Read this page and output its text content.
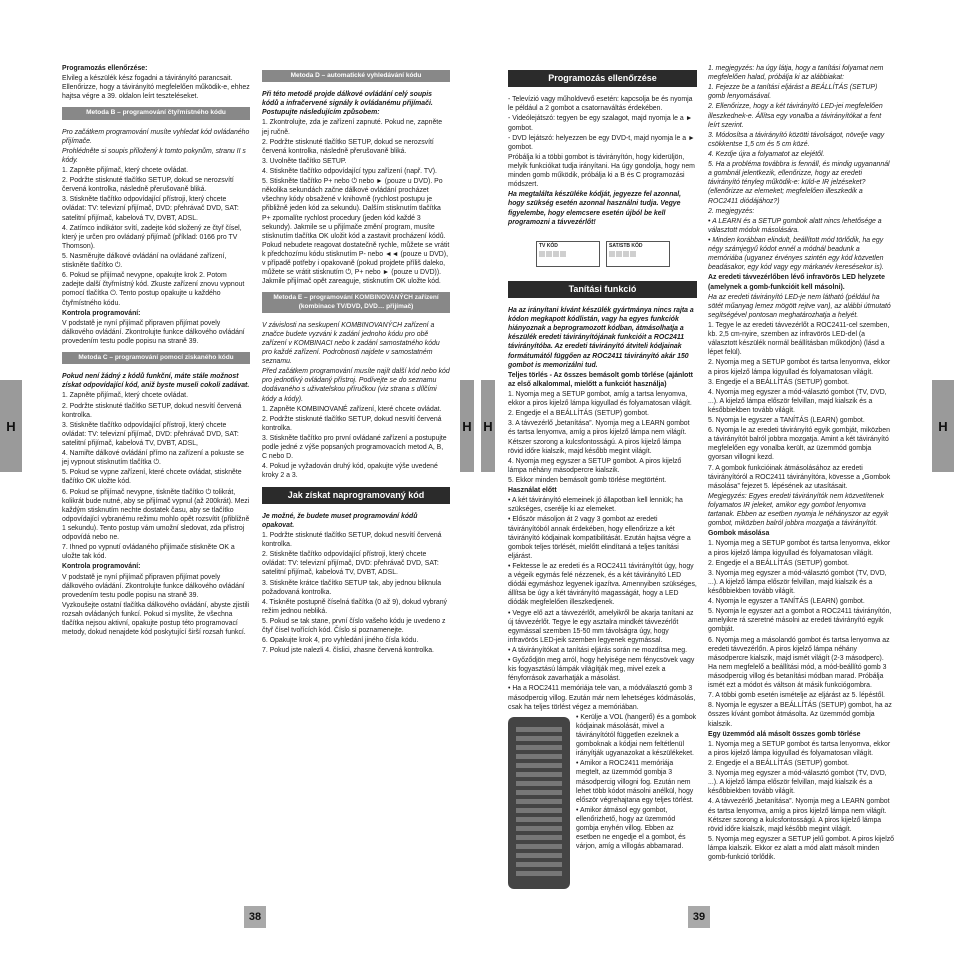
H	H H	H

Programozás ellenőrzése:

Elvileg a készülék kész fogadni a távirányító parancsait. Ellenőrizze, hogy a távirányító megfelelően működik-e, ehhez hajtsa végre a 39. oldalon leírt teszteléseket.

Metoda B – programování čtyřmístného kódu

Pro začátkem programování musíte vyhledat kód ovládaného přijímače.

Prohlédněte si soupis přiložený k tomto pokynům, stranu II s kódy.

1. Zapněte přijímač, který chcete ovládat.

2. Podržte stisknuté tlačítko SETUP, dokud se nerozsvítí červená kontrolka, následně přerušovaně bliká.

3. Stiskněte tlačítko odpovídající přístroji, který chcete ovládat: TV: televizní přijímač, DVD: přehrávač DVD, SAT: satelitní přijímač, kabelová TV, DVBT, ADSL.

4. Zatímco indikátor svítí, zadejte kód složený ze čtyř čísel, který je určen pro ovládaný přijímač (příklad: 0166 pro TV Thomson).

5. Nasměrujte dálkové ovládání na ovládané zařízení, stiskněte tlačítko ⏻.

6. Pokud se přijímač nevypne, opakujte krok 2. Potom zadejte další čtyřmístný kód. Zkuste zařízení znovu vypnout pomocí tlačítka ⏻. Tento postup opakujte u každého čtyřmístného kódu.

Kontrola programování:

V podstatě je nyní přijímač připraven přijímat povely dálkového ovládání. Zkontrolujte funkce dálkového ovládání provedením testu podle popisu na straně 39.

Metoda C – programování pomocí ziskaného kódu

Pokud není žádný z kódů funkční, máte stále možnost získat odpovídající kód, aniž byste museli cokoli zadávat.

1. Zapněte přijímač, který chcete ovládat.

2. Podržte stisknuté tlačítko SETUP, dokud nesvítí červená kontrolka.

3. Stiskněte tlačítko odpovídající přístroji, který chcete ovládat: TV: televizní přijímač, DVD: přehrávač DVD, SAT: satelitní přijímač, kabelová TV, DVBT, ADSL,

4. Namiřte dálkové ovládání přímo na zařízení a pokuste se jej vypnout stisknutím tlačítka ⏻.

5. Pokud se vypne zařízení, které chcete ovládat, stiskněte tlačítko OK uložte kód.

6. Pokud se přijímač nevypne, tiskněte tlačítko ⏻ tolikrát, kolikrát bude nutné, aby se přijímač vypnul (až 200krát). Mezi každým stisknutím nechte dostatek času, aby se tlačítko odpovídající vybranému režimu mohlo opět rozsvítit (přibližně 1 sekundu). Tento postup vám umožní sledovat, zda přístroj odpovídá nebo ne.

7. Ihned po vypnutí ovládaného přijímače stiskněte OK a uložte tak kód.

Kontrola programování:

V podstatě je nyní přijímač připraven přijímat povely dálkového ovládání. Zkontrolujte funkce dálkového ovládání provedením testu podle popisu na straně 39.

Vyzkoušejte ostatní tlačítka dálkového ovládání, abyste zjistili rozsah ovládaných funkcí. Pokud si myslíte, že všechna tlačítka nejsou aktivní, opakujte postup této programovací metody, dokud nenajdete kód poskytující širší rozsah funkcí.

Metoda D – automatické vyhledávání kódu

Při této metodě projde dálkové ovládání celý soupis kódů a infračervené signály k ovládanému přijímači. Postupujte následujícím způsobem:

1. Zkontrolujte, zda je zařízení zapnuté. Pokud ne, zapněte jej ručně.

2. Podržte stisknuté tlačítko SETUP, dokud se nerozsvítí červená kontrolka, následně přerušovaně bliká.

3. Uvolněte tlačítko SETUP.

4. Stiskněte tlačítko odpovídající typu zařízení (např. TV).

5. Stiskněte tlačítko P+ nebo ⏻ nebo ► (pouze u DVD). Po několika sekundách začne dálkové ovládání procházet všechny kódy obsažené v knihovně (rychlost postupu je přibližně jeden kód za sekundu). Dalším stisknutím tlačítka P+ zpomalíte rychlost procedury (jeden kód každé 3 sekundy). Jakmile se u přijímače změní program, musíte stisknutím tlačítka OK uložit kód a zastavit procházení kódů. Pokud nebudete reagovat dostatečně rychle, můžete se vrátit k předchozímu kódu stisknutím P- nebo ◄◄ (pouze u DVD), v případě potřeby i opakovaně (pokud projdete příliš daleko, můžete se vrátit stisknutím ⏻, P+ nebo ► (pouze u DVD)). Jakmile přijímač opět zareaguje, stisknutím OK uložte kód.

Metoda E – programování KOMBINOVANÝCH zařízení (kombinace TV/DVD, DVD… přijímač)

V závislosti na seskupení KOMBINOVANÝCH zařízení a značce budete vyzváni k zadání jednoho kódu pro obě zařízení v KOMBINACI nebo k zadání samostatného kódu pro každé zařízení. Podrobnosti najdete v samostatném seznamu.

Před začátkem programování musíte najít další kód nebo kód pro jednotlivý ovládaný přístroj. Podívejte se do seznamu dodávaného s uživatelskou příručkou (viz strana s dílčími kódy a kódy).

1. Zapněte KOMBINOVANÉ zařízení, které chcete ovládat.

2. Podržte stisknuté tlačítko SETUP, dokud nesvítí červená kontrolka.

3. Stiskněte tlačítko pro první ovládané zařízení a postupujte podle jedné z výše popsaných programovacích metod A, B, C nebo D.

4. Pokud je vyžadován druhý kód, opakujte výše uvedené kroky 2 a 3.

Jak získat naprogramovaný kód

Je možné, že budete muset programování kódů opakovat.

1. Podržte stisknuté tlačítko SETUP, dokud nesvítí červená kontrolka.

2. Stiskněte tlačítko odpovídající přístroji, který chcete ovládat: TV: televizní přijímač, DVD: přehrávač DVD, SAT: satelitní přijímač, kabelová TV, DVBT, ADSL.

3. Stiskněte krátce tlačítko SETUP tak, aby jednou bliknula požadovaná kontrolka.

4. Tiskněte postupně číselná tlačítka (0 až 9), dokud vybraný režim jednou nebliká.

5. Pokud se tak stane, první číslo vašeho kódu je uvedeno z čtyř čísel tvořících kód. Číslo si poznamenejte.

6. Opakujte krok 4, pro vyhledání jiného čísla kódu.

7. Pokud jste nalezli 4. číslici, zhasne červená kontrolka.

Programozás ellenőrzése

- Televízió vagy műholdvevő esetén: kapcsolja be és nyomja le például a 2 gombot a csatornaváltás érdekében.

- Videólejátszó: tegyen be egy szalagot, majd nyomja le a ► gombot.

- DVD lejátszó: helyezzen be egy DVD-t, majd nyomja le a ► gombot.

Próbálja ki a többi gombot is távirányítón, hogy kiderüljön, melyik funkciókat tudja irányítani. Ha úgy gondolja, hogy nem minden gomb működik, próbálja ki a B és C programozási módszert.

Ha megtalálta készüléke kódját, jegyezze fel azonnal, hogy szükség esetén azonnal használni tudja. Vegye figyelembe, hogy elemcsere esetén újból be kell programozni a távvezérlőt!

TV KÓD	SAT/STB KÓD
Tanítási funkció

Ha az irányítani kívánt készülék gyártmánya nincs rajta a kódon megkapott kódlistán, vagy ha egyes funkciók hiányoznak a beprogramozott kódban, átmásolhatja a készülék eredeti távirányítójának funkcióit a ROC2411 távirányítóba. Az eredeti távirányító átviteli kódjainak formátumától függően az ROC2411 távirányító akár 150 gombot is memorizálni tud.

Teljes törlés - Az összes bemásolt gomb törlése (ajánlott az első alkalommal, mielőtt a funkciót használja)

1. Nyomja meg a SETUP gombot, amíg a tartsa lenyomva, ekkor a piros kijelző lámpa kigyullad és folyamatosan világít.

2. Engedje el a BEÁLLÍTÁS (SETUP) gombot.

3. A távvezérlő „betanítása”. Nyomja meg a LEARN gombot és tartsa lenyomva, amíg a piros kijelző lámpa nem világít. Kétszer szorong a kulcsfontosságú. A piros kijelző lámpa rövid időre kialszik, majd később megint világít.

4. Nyomja meg egyszer a SETUP gombot. A piros kijelző lámpa néhány másodpercre kialszik.

5. Ekkor minden bemásolt gomb törlése megtörtént.

Használat előtt

• A két távirányító elemeinek jó állapotban kell lenniük; ha szükséges, cserélje ki az elemeket.

• Először másoljon át 2 vagy 3 gombot az eredeti távirányítóból annak érdekében, hogy ellenőrizze a két távirányító kódjainak kompatibilitását. Ezután hajtsa végre a gombok teljes törlését, mielőtt elindítaná a teljes tanítási eljárást.

• Fektesse le az eredeti és a ROC2411 távirányítót úgy, hogy a végeik egymás felé nézzenek, és a két távirányító LED diódái egymáshoz legyenek igazítva. Amennyiben szükséges, állítsa be úgy a két távirányító magasságát, hogy a LED diódák megfelelően illeszkedjenek.

• Vegye elő azt a távvezérlőt, amelyikről be akarja tanítani az új távvezérlőt. Tegye le egy asztalra mindkét távvezérlőt egymással szemben 15-50 mm távolságra úgy, hogy infravörös LED-jeik szemben legyenek egymással.

• A távirányítókat a tanítási eljárás során ne mozdítsa meg.

• Győződjön meg arról, hogy helyisége nem fénycsövek vagy kis fogyasztású lámpák világítják meg, mivel ezek a fényforrások zavarhatják a másolást.

• Ha a ROC2411 memóriája tele van, a módválasztó gomb 3 másodpercig villog. Ezután már nem lehetséges kódmásolás, csak ha teljes törlést végez a memóriában.

• Kerülje a VOL (hangerő) és a gombok kódjainak másolását, mivel a távirányítótól független ezeknek a gomboknak a kódjai nem feltétlenül irányítják ugyanazokat a készülékeket.

• Amikor a ROC2411 memóriája megtelt, az üzemmód gombja 3 másodpercig villogni fog. Ezután nem lehet több kódot másolni anélkül, hogy először végrehajtana egy teljes törlést.

• Amikor átmásol egy gombot, ellenőrizhető, hogy az üzemmód gombja enyhén villog. Ebben az esetben ne engedje el a gombot, és várjon, amíg a villogás abbamarad.

1. megjegyzés: ha úgy látja, hogy a tanítási folyamat nem megfelelően halad, próbálja ki az alábbiakat:

1. Fejezze be a tanítási eljárást a BEÁLLÍTÁS (SETUP) gomb lenyomásával.

2. Ellenőrizze, hogy a két távirányító LED-jei megfelelően illeszkednek-e. Állítsa egy vonalba a távirányítókat a fent leírt szerint.

3. Módosítsa a távirányító közötti távolságot, növelje vagy csökkentse 1,5 cm és 5 cm közé.

4. Kezdje újra a folyamatot az elejétől.

5. Ha a probléma továbbra is fennáll, és mindig ugyanannál a gombnál jelentkezik, ellenőrizze, hogy az eredeti távirányító tényleg működik-e: küld-e IR jelzéseket? (ellenőrizze az elemeket; megfelelően illeszkedik a ROC2411 diódájához?)

2. megjegyzés:

• A LEARN és a SETUP gombok alatt nincs lehetősége a választott módok másolására.

• Minden korábban elindult, beállított mód törlődik, ha egy négy számjegyű kódot ennél a módnál beadunk a memóriába (ugyanez érvényes szintén egy kód közvetlen beadásakor, egy kód vagy egy márkanév keresésekor is).

Az eredeti távvezérlőben lévő infravörös LED helyzete (amelynek a gomb-funkcióit kell másolni).

Ha az eredeti távirányító LED-je nem látható (például ha sötét műanyag lemez mögött rejtve van), az alábbi útmutató segítségével pontosan meghatározhatja a helyét.

1. Tegye le az eredeti távvezérlőt a ROC2411-cel szemben, kb. 2,5 cm-nyire, szemben az infravörös LED-del (a választott készülék normál beállításban működjön) (lásd a lépet felül).

2. Nyomja meg a SETUP gombot és tartsa lenyomva, ekkor a piros kijelző lámpa kigyullad és folyamatosan világít.

3. Engedje el a BEÁLLÍTÁS (SETUP) gombot.

4. Nyomja meg egyszer a mód-választó gombot (TV, DVD, ...). A kijelző lámpa először felvillan, majd kialszik és a későbbiekben tovább világít.

5. Nyomja le egyszer a TANÍTÁS (LEARN) gombot.

6. Nyomja le az eredeti távirányító egyik gombját, miközben a távirányítót balról jobbra mozgatja. Amint a két távirányító megfelelően egy vonalba került, az üzemmód gombja gyorsan villogni kezd.

7. A gombok funkcióinak átmásolásához az eredeti távirányítóról a ROC2411 távirányítóra, kövesse a „Gombok másolása” fejezet 5. lépésének az utasításait.

Megjegyzés: Egyes eredeti távirányítók nem közvetítenek folyamatos IR jeleket, amikor egy gombot lenyomva tartanak. Ebben az esetben nyomja le néhányszor az egyik gombot, miközben balról jobbra mozgatja a távirányítót.

Gombok másolása

1. Nyomja meg a SETUP gombot és tartsa lenyomva, ekkor a piros kijelző lámpa kigyullad és folyamatosan világít.

2. Engedje el a BEÁLLÍTÁS (SETUP) gombot.

3. Nyomja meg egyszer a mód-választó gombot (TV, DVD, ...). A kijelző lámpa először felvillan, majd kialszik és a későbbiekben tovább világít.

4. Nyomja le egyszer a TANÍTÁS (LEARN) gombot.

5. Nyomja le egyszer azt a gombot a ROC2411 távirányítón, amelyikre rá szeretné másolni az eredeti távirányító egyik gombját.

6. Nyomja meg a másolandó gombot és tartsa lenyomva az eredeti távvezérlőn. A piros kijelző lámpa néhány másodpercre kialszik, majd ismét világít (2-3 másodperc). Ha nem megfelelő a beállítási mód, a mód-beállító gomb 3 másodpercig villog és betanítási módban marad. Próbálja ismét ezt a módot és váltson át másik funkciógombra.

7. A többi gomb esetén ismételje az eljárást az 5. lépéstől.

8. Nyomja le egyszer a BEÁLLÍTÁS (SETUP) gombot, ha az összes kívánt gombot átmásolta. Az üzemmód gombja kialszik.

Egy üzemmód alá másolt összes gomb törlése

1. Nyomja meg a SETUP gombot és tartsa lenyomva, ekkor a piros kijelző lámpa kigyullad és folyamatosan világít.

2. Engedje el a BEÁLLÍTÁS (SETUP) gombot.

3. Nyomja meg egyszer a mód-választó gombot (TV, DVD, ...). A kijelző lámpa először felvillan, majd kialszik és a későbbiekben tovább világít.

4. A távvezérlő „betanítása”. Nyomja meg a LEARN gombot és tartsa lenyomva, amíg a piros kijelző lámpa nem világít. Kétszer szorong a kulcsfontosságú. A piros kijelző lámpa rövid időre kialszik, majd később megint világít.

5. Nyomja meg egyszer a SETUP jelű gombot. A piros kijelző lámpa kialszik. Ekkor ez alatt a mód alatt másolt minden gomb-funkció törlődik.

38	39
